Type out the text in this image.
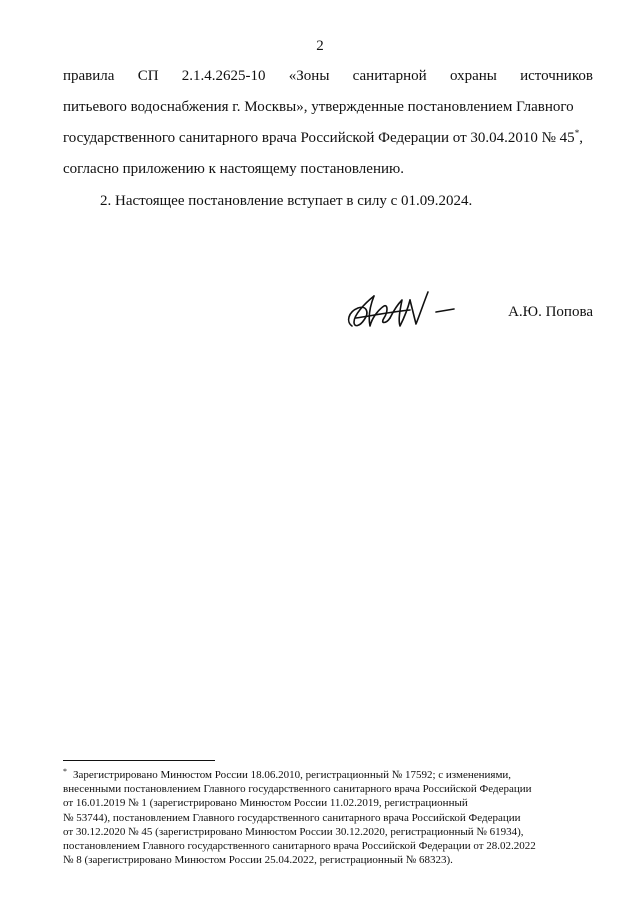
2
правила СП 2.1.4.2625-10 «Зоны санитарной охраны источников
питьевого водоснабжения г. Москвы», утвержденные постановлением Главного
государственного санитарного врача Российской Федерации от 30.04.2010 № 45*,
согласно приложению к настоящему постановлению.
2. Настоящее постановление вступает в силу с 01.09.2024.
А.Ю. Попова
* Зарегистрировано Минюстом России 18.06.2010, регистрационный № 17592; с изменениями,
внесенными постановлением Главного государственного санитарного врача Российской Федерации
от 16.01.2019 № 1 (зарегистрировано Минюстом России 11.02.2019, регистрационный
№ 53744), постановлением Главного государственного санитарного врача Российской Федерации
от 30.12.2020 № 45 (зарегистрировано Минюстом России 30.12.2020, регистрационный № 61934),
постановлением Главного государственного санитарного врача Российской Федерации от 28.02.2022
№ 8 (зарегистрировано Минюстом России 25.04.2022, регистрационный № 68323).
